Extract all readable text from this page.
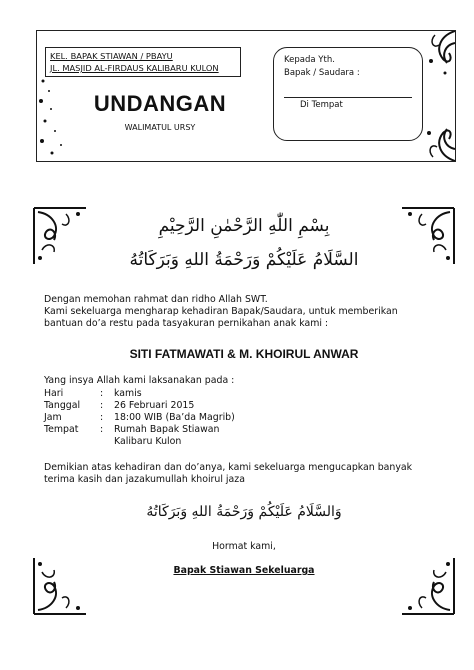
KEL. BAPAK STIAWAN / PBAYU
JL. MASJID AL-FIRDAUS KALIBARU KULON
UNDANGAN
WALIMATUL URSY
Kepada Yth.
Bapak / Saudara :
Di Tempat
بِسْمِ اللّٰهِ الرَّحْمٰنِ الرَّحِيْمِ
السَّلَامُ عَلَيْكُمْ وَرَحْمَةُ اللهِ وَبَرَكَاتُهُ
Dengan memohan rahmat dan ridho Allah SWT.
Kami sekeluarga mengharap kehadiran Bapak/Saudara, untuk memberikan
bantuan do’a restu pada tasyakuran pernikahan anak kami :
SITI FATMAWATI & M. KHOIRUL ANWAR
Yang insya Allah kami laksanakan pada :
Hari	:	kamis
Tanggal	:	26 Februari 2015
Jam	:	18:00 WIB (Ba’da Magrib)
Tempat	:	Rumah Bapak Stiawan
Kalibaru Kulon
Demikian atas kehadiran dan do’anya, kami sekeluarga mengucapkan banyak
terima kasih dan jazakumullah khoirul jaza
وَالسَّلَامُ عَلَيْكُمْ وَرَحْمَةُ اللهِ وَبَرَكَاتُهُ
Hormat kami,
Bapak Stiawan Sekeluarga
